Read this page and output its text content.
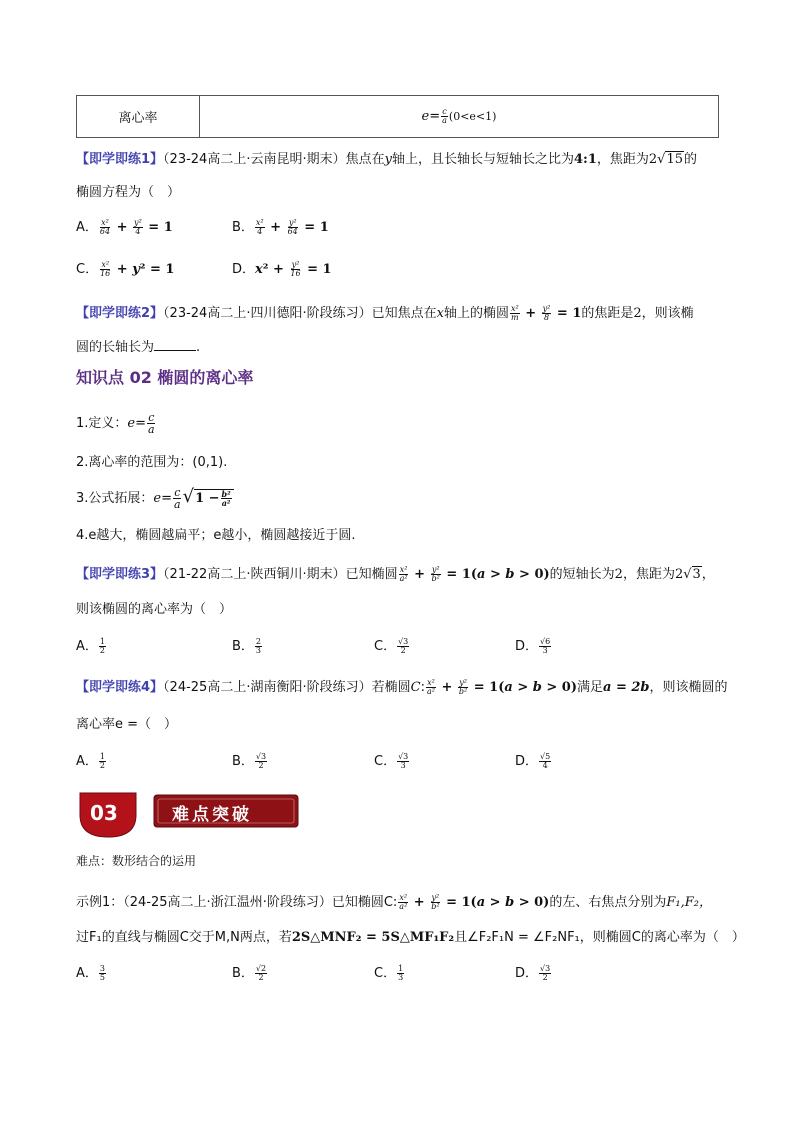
离心率	$e= \frac{c}{a} (0<e<1)$
【即学即练1】（23-24高二上·云南昆明·期末）焦点在y轴上，且长轴长与短轴长之比为4:1，焦距为2√15的
椭圆方程为（　）
A． $\frac{\text{x²}}{64} + \frac{\text{y²}}{4} = 1$	B． $\frac{\text{x²}}{4} + \frac{\text{y²}}{64} = 1$
C． $\frac{\text{x²}}{16} + y^2 = 1$	D．$x^2 + \frac{\text{y²}}{16} = 1$
【即学即练2】（23-24高二上·四川德阳·阶段练习）已知焦点在x轴上的椭圆 $\frac{\text{x²}}{m} + \frac{\text{y²}}{8} = 1$的焦距是2，则该椭
圆的长轴长为	.
知识点 02 椭圆的离心率
1.定义：$e= \frac{c}{a}$
2.离心率的范围为：(0,1).
3.公式拓展：$e= \frac{c}{a} √1 - \frac{\text{b²}}{\text{a²}}$
4.e越大，椭圆越扁平；e越小，椭圆越接近于圆.
【即学即练3】（21-22高二上·陕西铜川·期末）已知椭圆 $\frac{\text{x²}}{\text{a²}} + \frac{\text{y²}}{\text{b²}} = 1(a > b > 0)$的短轴长为2，焦距为2√3，
则该椭圆的离心率为（　）
A． $\frac{1}{2}$	B． $\frac{2}{3}$	C． $\frac{√3}{2}$	D． $\frac{√6}{3}$
【即学即练4】（24-25高二上·湖南衡阳·阶段练习）若椭圆C: $\frac{\text{x²}}{\text{a²}} + \frac{\text{y²}}{\text{b²}} = 1(a > b > 0)$满足a = 2b，则该椭圆的
离心率e =（　）
A． $\frac{1}{2}$	B． $\frac{√3}{2}$	C． $\frac{√3}{3}$	D． $\frac{√5}{4}$
03	难点突破
难点：数形结合的运用
示例1：（24-25高二上·浙江温州·阶段练习）已知椭圆C: $\frac{\text{x²}}{\text{a²}} + \frac{\text{y²}}{\text{b²}} = 1(a > b > 0)$的左、右焦点分别为F₁,F₂，
过F₁的直线与椭圆C交于M,N两点，若2S△MNF₂ = 5S△MF₁F₂且∠F₂F₁N = ∠F₂NF₁，则椭圆C的离心率为（　）
A． $\frac{3}{5}$	B． $\frac{√2}{2}$	C． $\frac{1}{3}$	D． $\frac{√3}{2}$
